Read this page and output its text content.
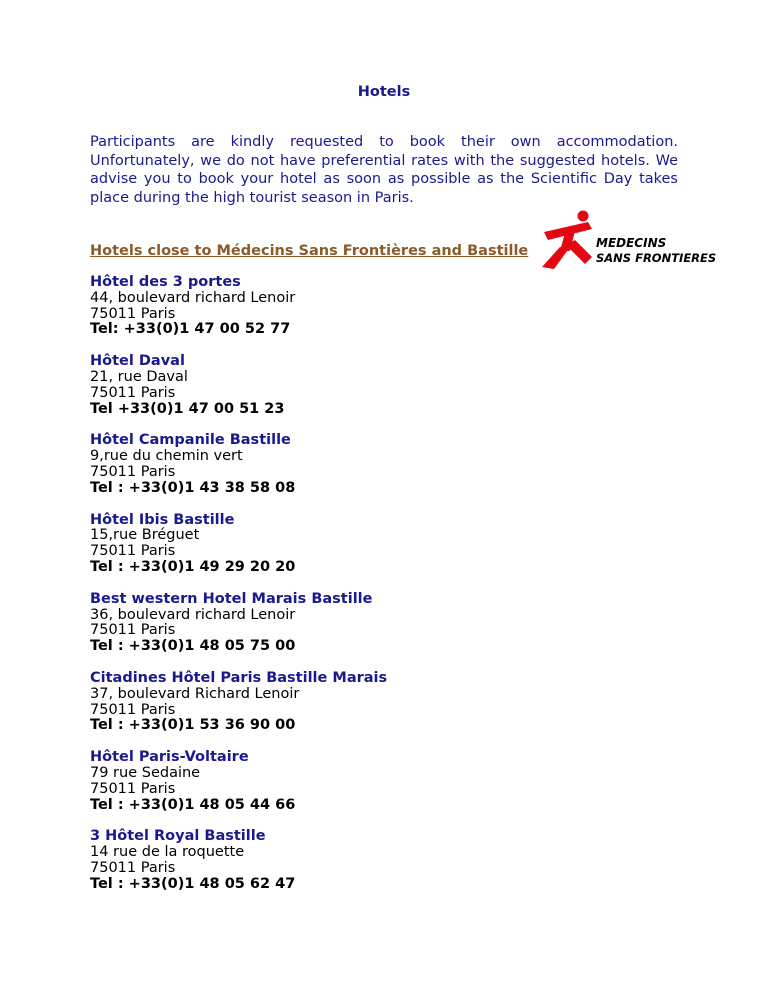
Hotels
Participants are kindly requested to book their own accommodation. Unfortunately, we do not have preferential rates with the suggested hotels. We advise you to book your hotel as soon as possible as the Scientific Day takes place during the high tourist season in Paris.
Hotels close to Médecins Sans Frontières and Bastille	MEDECINS
SANS FRONTIERES
Hôtel des 3 portes
44, boulevard richard Lenoir
75011 Paris
Tel: +33(0)1 47 00 52 77
Hôtel Daval
21, rue Daval
75011 Paris
Tel +33(0)1 47 00 51 23
Hôtel Campanile Bastille
9,rue du chemin vert
75011 Paris
Tel : +33(0)1 43 38 58 08
Hôtel Ibis Bastille
15,rue Bréguet
75011 Paris
Tel : +33(0)1 49 29 20 20
Best western Hotel Marais Bastille
36, boulevard richard Lenoir
75011 Paris
Tel : +33(0)1 48 05 75 00
Citadines Hôtel Paris Bastille Marais
37, boulevard Richard Lenoir
75011 Paris
Tel : +33(0)1 53 36 90 00
Hôtel Paris-Voltaire
79 rue Sedaine
75011 Paris
Tel : +33(0)1 48 05 44 66
3 Hôtel Royal Bastille
14 rue de la roquette
75011 Paris
Tel : +33(0)1 48 05 62 47
